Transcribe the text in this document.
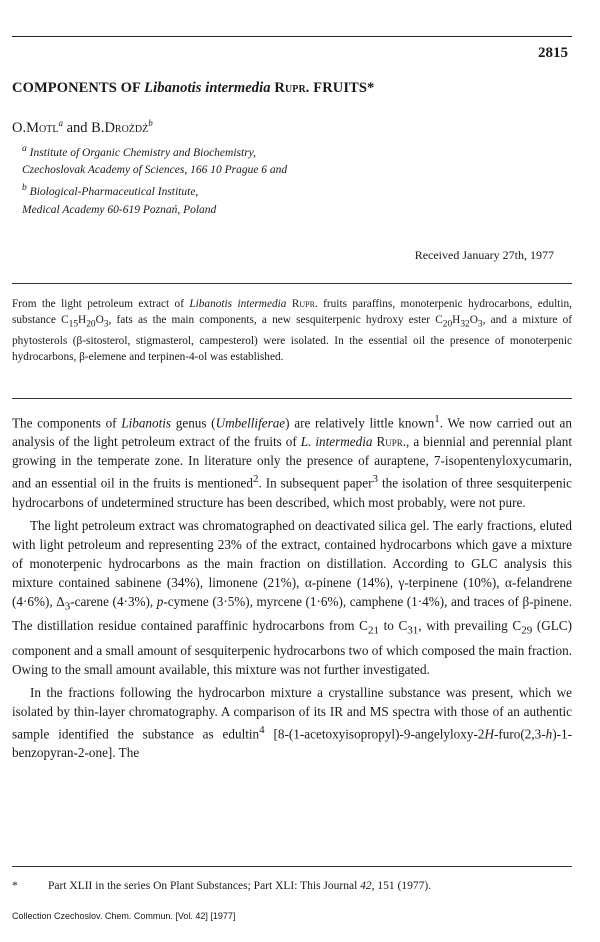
2815
COMPONENTS OF Libanotis intermedia Rupr. FRUITS*
O.Motl$^a$ and B.Drożdż$^b$
$^a$ Institute of Organic Chemistry and Biochemistry,
Czechoslovak Academy of Sciences, 166 10 Prague 6 and
$^b$ Biological-Pharmaceutical Institute,
Medical Academy 60-619 Poznań, Poland
Received January 27th, 1977
From the light petroleum extract of Libanotis intermedia Rupr. fruits paraffins, monoterpenic hydrocarbons, edultin, substance $C_{15}H_{20}O_3$, fats as the main components, a new sesquiterpenic hydroxy ester $C_{20}H_{32}O_3$, and a mixture of phytosterols (β-sitosterol, stigmasterol, campesterol) were isolated. In the essential oil the presence of monoterpenic hydrocarbons, β-elemene and terpinen-4-ol was established.

The components of Libanotis genus (Umbelliferae) are relatively little known$^1$. We now carried out an analysis of the light petroleum extract of the fruits of L. intermedia Rupr., a biennial and perennial plant growing in the temperate zone. In literature only the presence of auraptene, 7-isopentenyloxycumarin, and an essential oil in the fruits is mentioned$^2$. In subsequent paper$^3$ the isolation of three sesquiterpenic hydrocarbons of undetermined structure has been described, which most probably, were not pure.

The light petroleum extract was chromatographed on deactivated silica gel. The early fractions, eluted with light petroleum and representing 23% of the extract, contained hydrocarbons which gave a mixture of monoterpenic hydrocarbons as the main fraction on distillation. According to GLC analysis this mixture contained sabinene (34%), limonene (21%), α-pinene (14%), γ-terpinene (10%), α-felandrene (4·6%), $\Delta_3$-carene (4·3%), p-cymene (3·5%), myrcene (1·6%), camphene (1·4%), and traces of β-pinene. The distillation residue contained paraffinic hydrocarbons from $C_{21}$ to $C_{31}$, with prevailing $C_{29}$ (GLC) component and a small amount of sesquiterpenic hydrocarbons two of which composed the main fraction. Owing to the small amount available, this mixture was not further investigated.

In the fractions following the hydrocarbon mixture a crystalline substance was present, which we isolated by thin-layer chromatography. A comparison of its IR and MS spectra with those of an authentic sample identified the substance as edultin$^4$ [8-(1-acetoxyisopropyl)-9-angelyloxy-2H-furo(2,3-h)-1-benzopyran-2-one]. The

*	Part XLII in the series On Plant Substances; Part XLI: This Journal 42, 151 (1977).
Collection Czechoslov. Chem. Commun. [Vol. 42] [1977]
